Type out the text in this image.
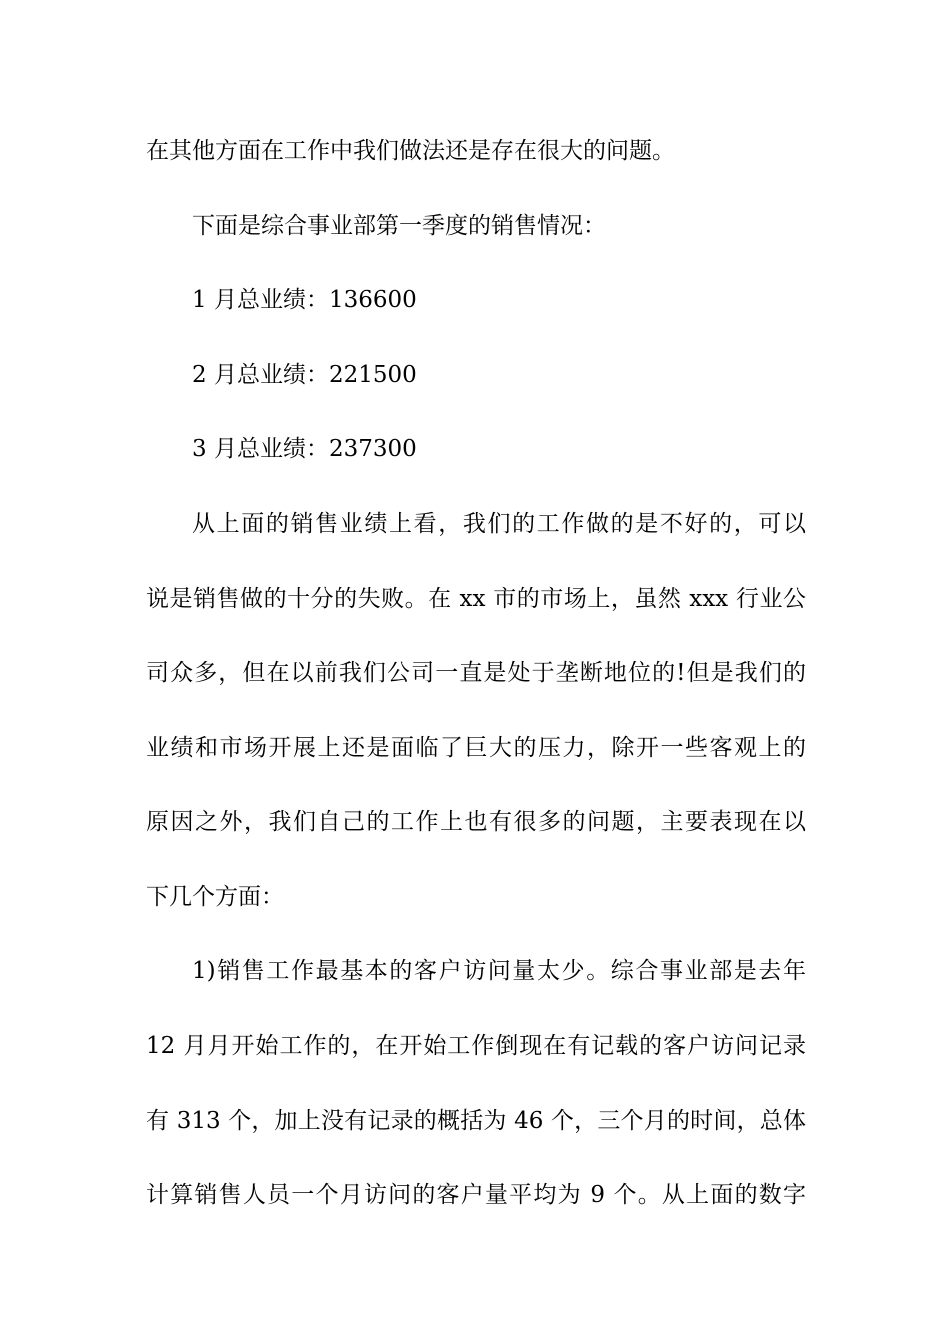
在其他方面在工作中我们做法还是存在很大的问题。
下面是综合事业部第一季度的销售情况：
1 月总业绩：136600
2 月总业绩：221500
3 月总业绩：237300
从上面的销售业绩上看，我们的工作做的是不好的，可以
说是销售做的十分的失败。在 xx 市的市场上，虽然 xxx 行业公
司众多，但在以前我们公司一直是处于垄断地位的!但是我们的
业绩和市场开展上还是面临了巨大的压力，除开一些客观上的
原因之外，我们自己的工作上也有很多的问题，主要表现在以
下几个方面：
1)销售工作最基本的客户访问量太少。综合事业部是去年
12 月月开始工作的，在开始工作倒现在有记载的客户访问记录
有 313 个，加上没有记录的概括为 46 个，三个月的时间，总体
计算销售人员一个月访问的客户量平均为 9 个。从上面的数字
